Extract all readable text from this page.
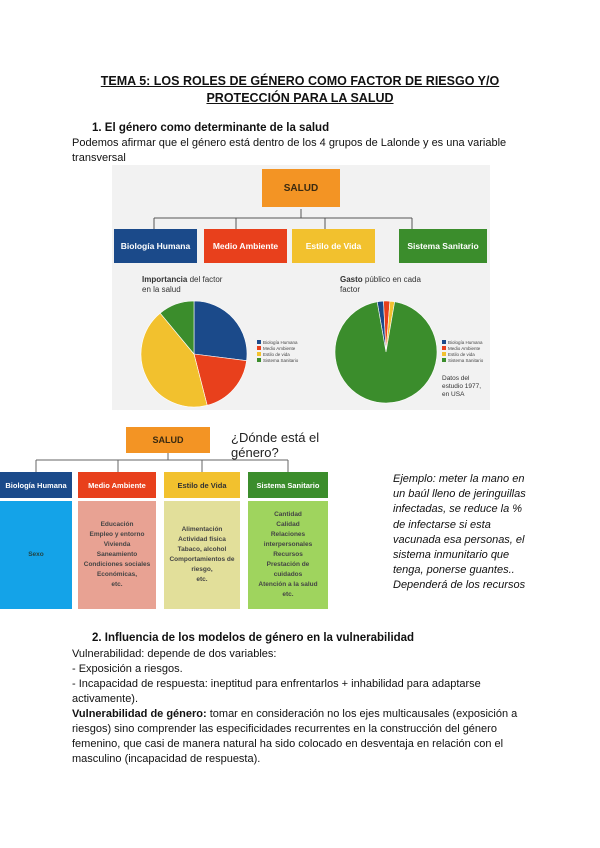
TEMA 5: LOS ROLES DE GÉNERO COMO FACTOR DE RIESGO Y/O
PROTECCIÓN PARA LA SALUD
1. El género como determinante de la salud
Podemos afirmar que el género está dentro de los 4 grupos de Lalonde y es una variable
transversal
SALUD
Biología Humana	Medio Ambiente	Estilo de Vida	Sistema Sanitario
Importancia del factor
en la salud
Gasto público en cada
factor
Biología Humana
Medio Ambiente
Estilo de vida
Sistema Sanitario
Biología Humana
Medio Ambiente
Estilo de vida
Sistema Sanitario
Datos del
estudio 1977,
en USA
SALUD	¿Dónde está el género?
Biología Humana	Medio Ambiente	Estilo de Vida	Sistema Sanitario
Sexo
Educación
Empleo y entorno
Vivienda
Saneamiento
Condiciones sociales
Económicas,
etc.
Alimentación
Actividad física
Tabaco, alcohol
Comportamientos de
riesgo,
etc.
Cantidad
Calidad
Relaciones
interpersonales
Recursos
Prestación de
cuidados
Atención a la salud
etc.
Ejemplo: meter la mano en
un baúl lleno de jeringuillas
infectadas, se reduce la %
de infectarse si esta
vacunada esa personas, el
sistema inmunitario que
tenga, ponerse guantes..
Dependerá de los recursos
2. Influencia de los modelos de género en la vulnerabilidad
Vulnerabilidad: depende de dos variables:
- Exposición a riesgos.
- Incapacidad de respuesta: ineptitud para enfrentarlos + inhabilidad para adaptarse
activamente).
Vulnerabilidad de género: tomar en consideración no los ejes multicausales (exposición a
riesgos) sino comprender las especificidades recurrentes en la construcción del género
femenino, que casi de manera natural ha sido colocado en desventaja en relación con el
masculino (incapacidad de respuesta).
